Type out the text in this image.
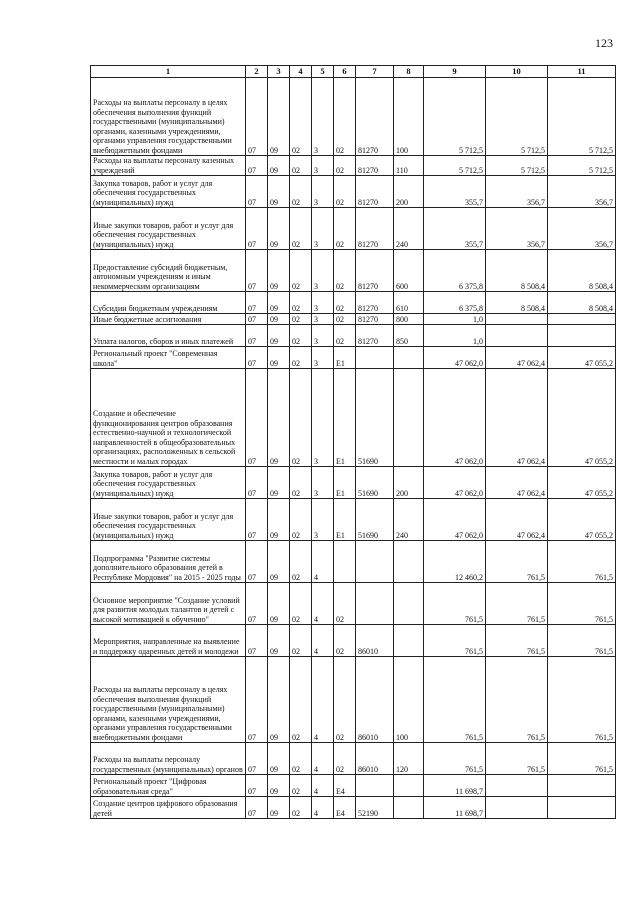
123
1	2	3	4	5	6	7	8	9	10	11
Расходы на выплаты персоналу в целях обеспечения выполнения функций государственными (муниципальными) органами, казенными учреждениями, органами управления государственными внебюджетными фондами	07	09	02	3	02	81270	100	5 712,5	5 712,5	5 712,5
Расходы на выплаты персоналу казенных учреждений	07	09	02	3	02	81270	110	5 712,5	5 712,5	5 712,5
Закупка товаров, работ и услуг для обеспечения государственных (муниципальных) нужд	07	09	02	3	02	81270	200	355,7	356,7	356,7
Иные закупки товаров, работ и услуг для обеспечения государственных (муниципальных) нужд	07	09	02	3	02	81270	240	355,7	356,7	356,7
Предоставление субсидий бюджетным, автономным учреждениям и иным некоммерческим организациям	07	09	02	3	02	81270	600	6 375,8	8 508,4	8 508,4
Субсидии бюджетным учреждениям	07	09	02	3	02	81270	610	6 375,8	8 508,4	8 508,4
Иные бюджетные ассигнования	07	09	02	3	02	81270	800	1,0		
Уплата налогов, сборов и иных платежей	07	09	02	3	02	81270	850	1,0		
Региональный проект "Современная школа"	07	09	02	3	E1			47 062,0	47 062,4	47 055,2
Создание и обеспечение функционирования центров образования естественно-научной и технологической направленностей в общеобразовательных организациях, расположенных в сельской местности и малых городах	07	09	02	3	E1	51690		47 062,0	47 062,4	47 055,2
Закупка товаров, работ и услуг для обеспечения государственных (муниципальных) нужд	07	09	02	3	E1	51690	200	47 062,0	47 062,4	47 055,2
Иные закупки товаров, работ и услуг для обеспечения государственных (муниципальных) нужд	07	09	02	3	E1	51690	240	47 062,0	47 062,4	47 055,2
Подпрограмма "Развитие системы дополнительного образования детей в Республике Мордовия" на 2015 - 2025 годы	07	09	02	4				12 460,2	761,5	761,5
Основное мероприятие "Создание условий для развития молодых талантов и детей с высокой мотивацией к обучению"	07	09	02	4	02			761,5	761,5	761,5
Мероприятия, направленные на выявление и поддержку одаренных детей и молодежи	07	09	02	4	02	86010		761,5	761,5	761,5
Расходы на выплаты персоналу в целях обеспечения выполнения функций государственными (муниципальными) органами, казенными учреждениями, органами управления государственными внебюджетными фондами	07	09	02	4	02	86010	100	761,5	761,5	761,5
Расходы на выплаты персоналу государственных (муниципальных) органов	07	09	02	4	02	86010	120	761,5	761,5	761,5
Региональный проект "Цифровая образовательная среда"	07	09	02	4	E4			11 698,7		
Создание центров цифрового образования детей	07	09	02	4	E4	52190		11 698,7		
